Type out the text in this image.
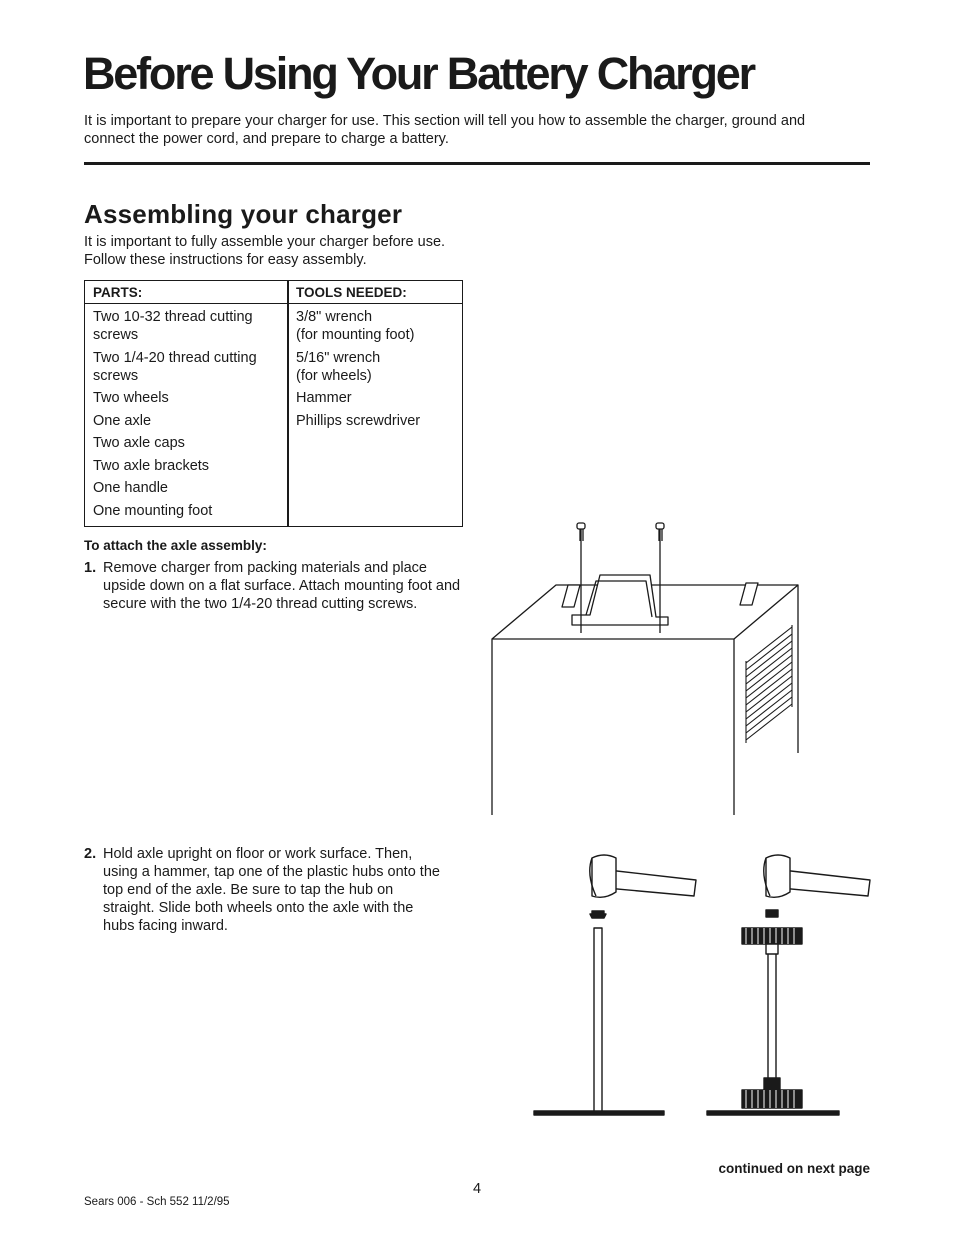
Before Using Your Battery Charger

It is important to prepare your charger for use. This section will tell you how to assemble the charger, ground and connect the power cord, and prepare to charge a battery.

Assembling your charger

It is important to fully assemble your charger before use. Follow these instructions for easy assembly.

PARTS:	TOOLS NEEDED:
Two 10-32 thread cutting screws
Two 1/4-20 thread cutting screws
Two wheels
One axle
Two axle caps
Two axle brackets
One handle
One mounting foot
3/8" wrench
(for mounting foot)
5/16" wrench
(for wheels)
Hammer
Phillips screwdriver

To attach the axle assembly:

1. Remove charger from packing materials and place upside down on a flat surface. Attach mounting foot and secure with the two 1/4-20 thread cutting screws.

2. Hold axle upright on floor or work surface. Then, using a hammer, tap one of the plastic hubs onto the top end of the axle. Be sure to tap the hub on straight. Slide both wheels onto the axle with the hubs facing inward.

continued on next page

4

Sears 006 - Sch 552 11/2/95
